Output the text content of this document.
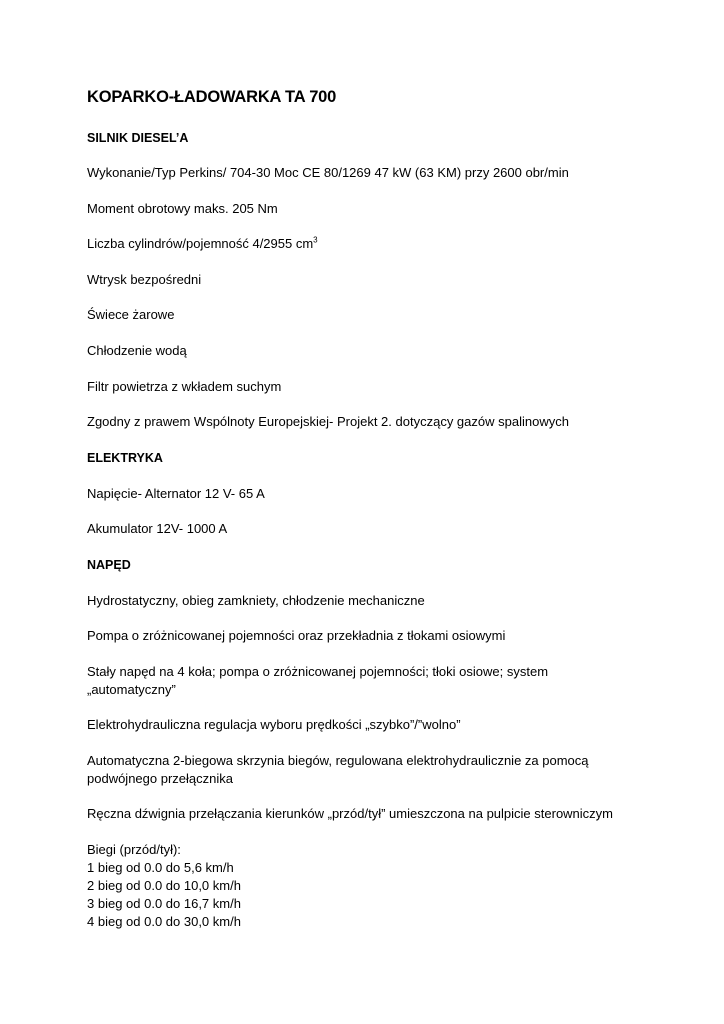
KOPARKO-ŁADOWARKA TA 700
SILNIK DIESEL’A
Wykonanie/Typ Perkins/ 704-30 Moc CE 80/1269 47 kW (63 KM) przy 2600 obr/min
Moment obrotowy maks. 205 Nm
Liczba cylindrów/pojemność 4/2955 $cm^3$
Wtrysk bezpośredni
Świece żarowe
Chłodzenie wodą
Filtr powietrza z wkładem suchym
Zgodny z prawem Wspólnoty Europejskiej- Projekt 2. dotyczący gazów spalinowych
ELEKTRYKA
Napięcie- Alternator 12 V- 65 A
Akumulator 12V- 1000 A
NAPĘD
Hydrostatyczny, obieg zamkniety, chłodzenie mechaniczne
Pompa o zróżnicowanej pojemności oraz przekładnia z tłokami osiowymi
Stały napęd na 4 koła; pompa o zróżnicowanej pojemności; tłoki osiowe; system
„automatyczny”
Elektrohydrauliczna regulacja wyboru prędkości „szybko”/”wolno”
Automatyczna 2-biegowa skrzynia biegów, regulowana elektrohydraulicznie za pomocą
podwójnego przełącznika
Ręczna dźwignia przełączania kierunków „przód/tył” umieszczona na pulpicie sterowniczym
Biegi (przód/tył):
1 bieg od 0.0 do 5,6 km/h
2 bieg od 0.0 do 10,0 km/h
3 bieg od 0.0 do 16,7 km/h
4 bieg od 0.0 do 30,0 km/h
